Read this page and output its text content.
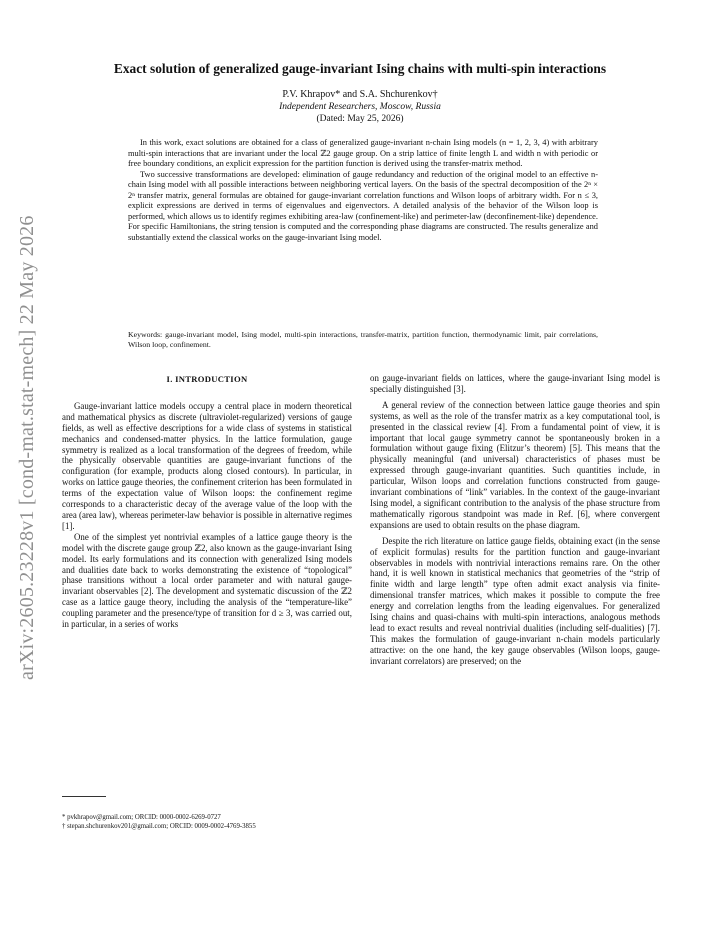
arXiv:2605.23228v1 [cond-mat.stat-mech] 22 May 2026
Exact solution of generalized gauge-invariant Ising chains with multi-spin interactions
P.V. Khrapov* and S.A. Shchurenkov†
Independent Researchers, Moscow, Russia
(Dated: May 25, 2026)

In this work, exact solutions are obtained for a class of generalized gauge-invariant n-chain Ising models (n = 1, 2, 3, 4) with arbitrary multi-spin interactions that are invariant under the local ℤ2 gauge group. On a strip lattice of finite length L and width n with periodic or free boundary conditions, an explicit expression for the partition function is derived using the transfer-matrix method.

Two successive transformations are developed: elimination of gauge redundancy and reduction of the original model to an effective n-chain Ising model with all possible interactions between neighboring vertical layers. On the basis of the spectral decomposition of the 2ⁿ × 2ⁿ transfer matrix, general formulas are obtained for gauge-invariant correlation functions and Wilson loops of arbitrary width. For n ≤ 3, explicit expressions are derived in terms of eigenvalues and eigenvectors. A detailed analysis of the behavior of the Wilson loop is performed, which allows us to identify regimes exhibiting area-law (confinement-like) and perimeter-law (deconfinement-like) dependence. For specific Hamiltonians, the string tension is computed and the corresponding phase diagrams are constructed. The results generalize and substantially extend the classical works on the gauge-invariant Ising model.

Keywords: gauge-invariant model, Ising model, multi-spin interactions, transfer-matrix, partition function, thermodynamic limit, pair correlations, Wilson loop, confinement.
I. INTRODUCTION

Gauge-invariant lattice models occupy a central place in modern theoretical and mathematical physics as discrete (ultraviolet-regularized) versions of gauge fields, as well as effective descriptions for a wide class of systems in statistical mechanics and condensed-matter physics. In the lattice formulation, gauge symmetry is realized as a local transformation of the degrees of freedom, while the physically observable quantities are gauge-invariant functions of the configuration (for example, products along closed contours). In particular, in works on lattice gauge theories, the confinement criterion has been formulated in terms of the expectation value of Wilson loops: the confinement regime corresponds to a characteristic decay of the average value of the loop with the area (area law), whereas perimeter-law behavior is possible in alternative regimes [1].

One of the simplest yet nontrivial examples of a lattice gauge theory is the model with the discrete gauge group ℤ2, also known as the gauge-invariant Ising model. Its early formulations and its connection with generalized Ising models and dualities date back to works demonstrating the existence of “topological” phase transitions without a local order parameter and with natural gauge-invariant observables [2]. The development and systematic discussion of the ℤ2 case as a lattice gauge theory, including the analysis of the “temperature-like” coupling parameter and the presence/type of transition for d ≥ 3, was carried out, in particular, in a series of works

on gauge-invariant fields on lattices, where the gauge-invariant Ising model is specially distinguished [3].

A general review of the connection between lattice gauge theories and spin systems, as well as the role of the transfer matrix as a key computational tool, is presented in the classical review [4]. From a fundamental point of view, it is important that local gauge symmetry cannot be spontaneously broken in a formulation without gauge fixing (Elitzur’s theorem) [5]. This means that the physically meaningful (and universal) characteristics of phases must be expressed through gauge-invariant quantities. Such quantities include, in particular, Wilson loops and correlation functions constructed from gauge-invariant combinations of “link” variables. In the context of the gauge-invariant Ising model, a significant contribution to the analysis of the phase structure from mathematically rigorous standpoint was made in Ref. [6], where convergent expansions are used to obtain results on the phase diagram.

Despite the rich literature on lattice gauge fields, obtaining exact (in the sense of explicit formulas) results for the partition function and gauge-invariant observables in models with nontrivial interactions remains rare. On the other hand, it is well known in statistical mechanics that geometries of the “strip of finite width and large length” type often admit exact analysis via finite-dimensional transfer matrices, which makes it possible to compute the free energy and correlation lengths from the leading eigenvalues. For generalized Ising chains and quasi-chains with multi-spin interactions, analogous methods lead to exact results and reveal nontrivial dualities (including self-dualities) [7]. This makes the formulation of gauge-invariant n-chain models particularly attractive: on the one hand, the key gauge observables (Wilson loops, gauge-invariant correlators) are preserved; on the

* pvkhrapov@gmail.com; ORCID: 0000-0002-6269-0727
† stepan.shchurenkov201@gmail.com; ORCID: 0009-0002-4769-3855
